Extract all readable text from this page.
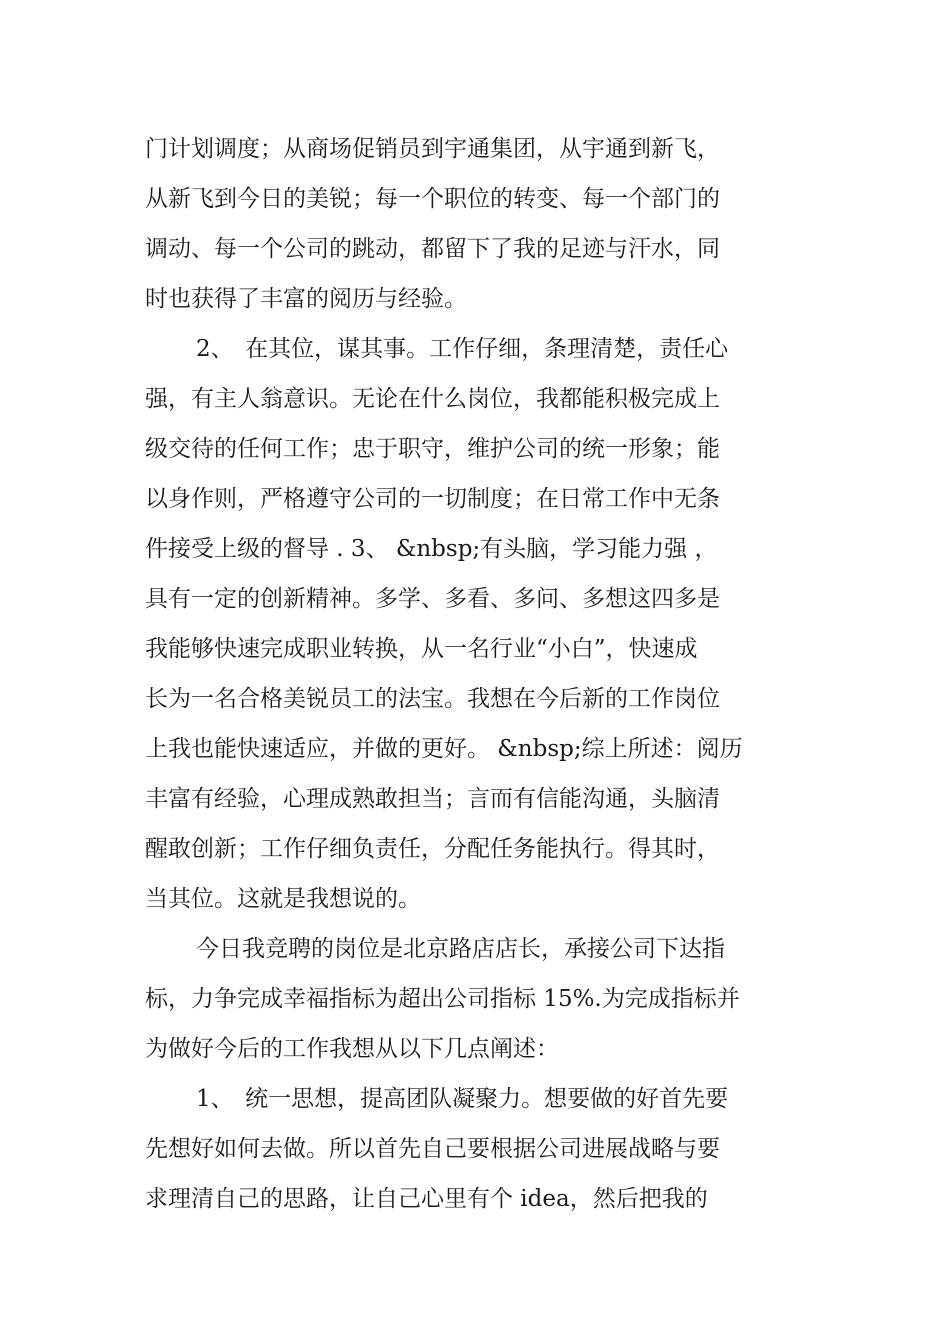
门计划调度；从商场促销员到宇通集团，从宇通到新飞，

从新飞到今日的美锐；每一个职位的转变、每一个部门的

调动、每一个公司的跳动，都留下了我的足迹与汗水，同

时也获得了丰富的阅历与经验。

2、　在其位，谋其事。工作仔细，条理清楚，责任心

强，有主人翁意识。无论在什么岗位，我都能积极完成上

级交待的任何工作；忠于职守，维护公司的统一形象；能

以身作则，严格遵守公司的一切制度；在日常工作中无条

件接受上级的督导 . 3、 &nbsp;有头脑，学习能力强 ，

具有一定的创新精神。多学、多看、多问、多想这四多是

我能够快速完成职业转换，从一名行业“小白”，快速成

长为一名合格美锐员工的法宝。我想在今后新的工作岗位

上我也能快速适应，并做的更好。 &nbsp;综上所述：阅历

丰富有经验，心理成熟敢担当；言而有信能沟通，头脑清

醒敢创新；工作仔细负责任，分配任务能执行。得其时，

当其位。这就是我想说的。

今日我竞聘的岗位是北京路店店长，承接公司下达指

标，力争完成幸福指标为超出公司指标 15%.为完成指标并

为做好今后的工作我想从以下几点阐述：

1、　统一思想，提高团队凝聚力。想要做的好首先要

先想好如何去做。所以首先自己要根据公司进展战略与要

求理清自己的思路，让自己心里有个 idea，然后把我的
